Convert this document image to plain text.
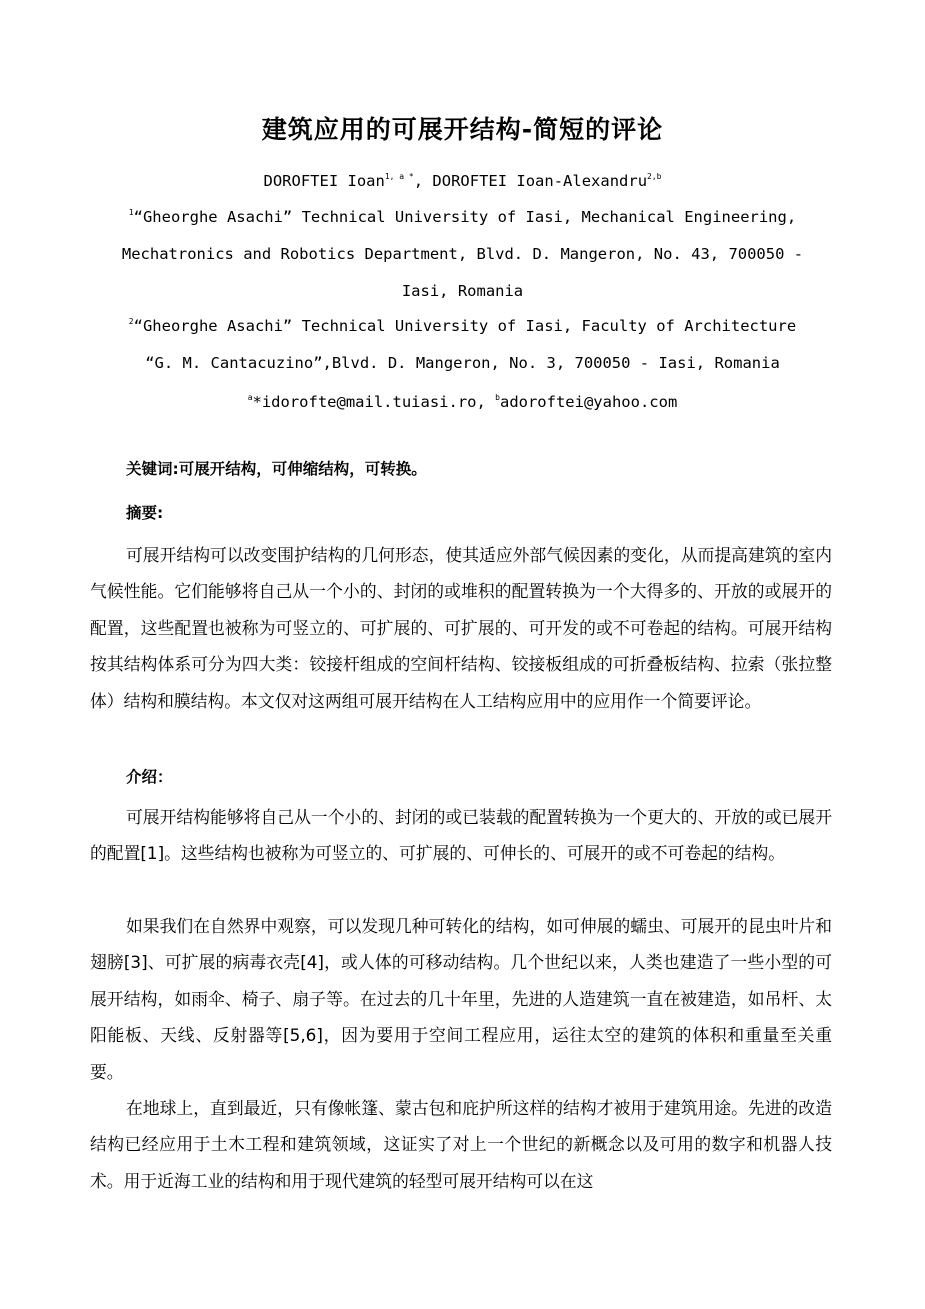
建筑应用的可展开结构-简短的评论
DOROFTEI Ioan$^{1, a *}$, DOROFTEI Ioan-Alexandru$^{2,b}$
$^1$“Gheorghe Asachi” Technical University of Iasi, Mechanical Engineering,
Mechatronics and Robotics Department, Blvd. D. Mangeron, No. 43, 700050 -
Iasi, Romania
$^2$“Gheorghe Asachi” Technical University of Iasi, Faculty of Architecture
“G. M. Cantacuzino”,Blvd. D. Mangeron, No. 3, 700050 - Iasi, Romania
$^a$*idorofte@mail.tuiasi.ro, $^b$adoroftei@yahoo.com
关键词:可展开结构，可伸缩结构，可转换。
摘要:

可展开结构可以改变围护结构的几何形态，使其适应外部气候因素的变化，从而提高建筑的室内气候性能。它们能够将自己从一个小的、封闭的或堆积的配置转换为一个大得多的、开放的或展开的配置，这些配置也被称为可竖立的、可扩展的、可扩展的、可开发的或不可卷起的结构。可展开结构按其结构体系可分为四大类：铰接杆组成的空间杆结构、铰接板组成的可折叠板结构、拉索（张拉整体）结构和膜结构。本文仅对这两组可展开结构在人工结构应用中的应用作一个简要评论。

介绍：

可展开结构能够将自己从一个小的、封闭的或已装载的配置转换为一个更大的、开放的或已展开的配置[1]。这些结构也被称为可竖立的、可扩展的、可伸长的、可展开的或不可卷起的结构。

如果我们在自然界中观察，可以发现几种可转化的结构，如可伸展的蠕虫、可展开的昆虫叶片和翅膀[3]、可扩展的病毒衣壳[4]，或人体的可移动结构。几个世纪以来，人类也建造了一些小型的可展开结构，如雨伞、椅子、扇子等。在过去的几十年里，先进的人造建筑一直在被建造，如吊杆、太阳能板、天线、反射器等[5,6]，因为要用于空间工程应用，运往太空的建筑的体积和重量至关重要。

在地球上，直到最近，只有像帐篷、蒙古包和庇护所这样的结构才被用于建筑用途。先进的改造结构已经应用于土木工程和建筑领域，这证实了对上一个世纪的新概念以及可用的数字和机器人技术。用于近海工业的结构和用于现代建筑的轻型可展开结构可以在这
